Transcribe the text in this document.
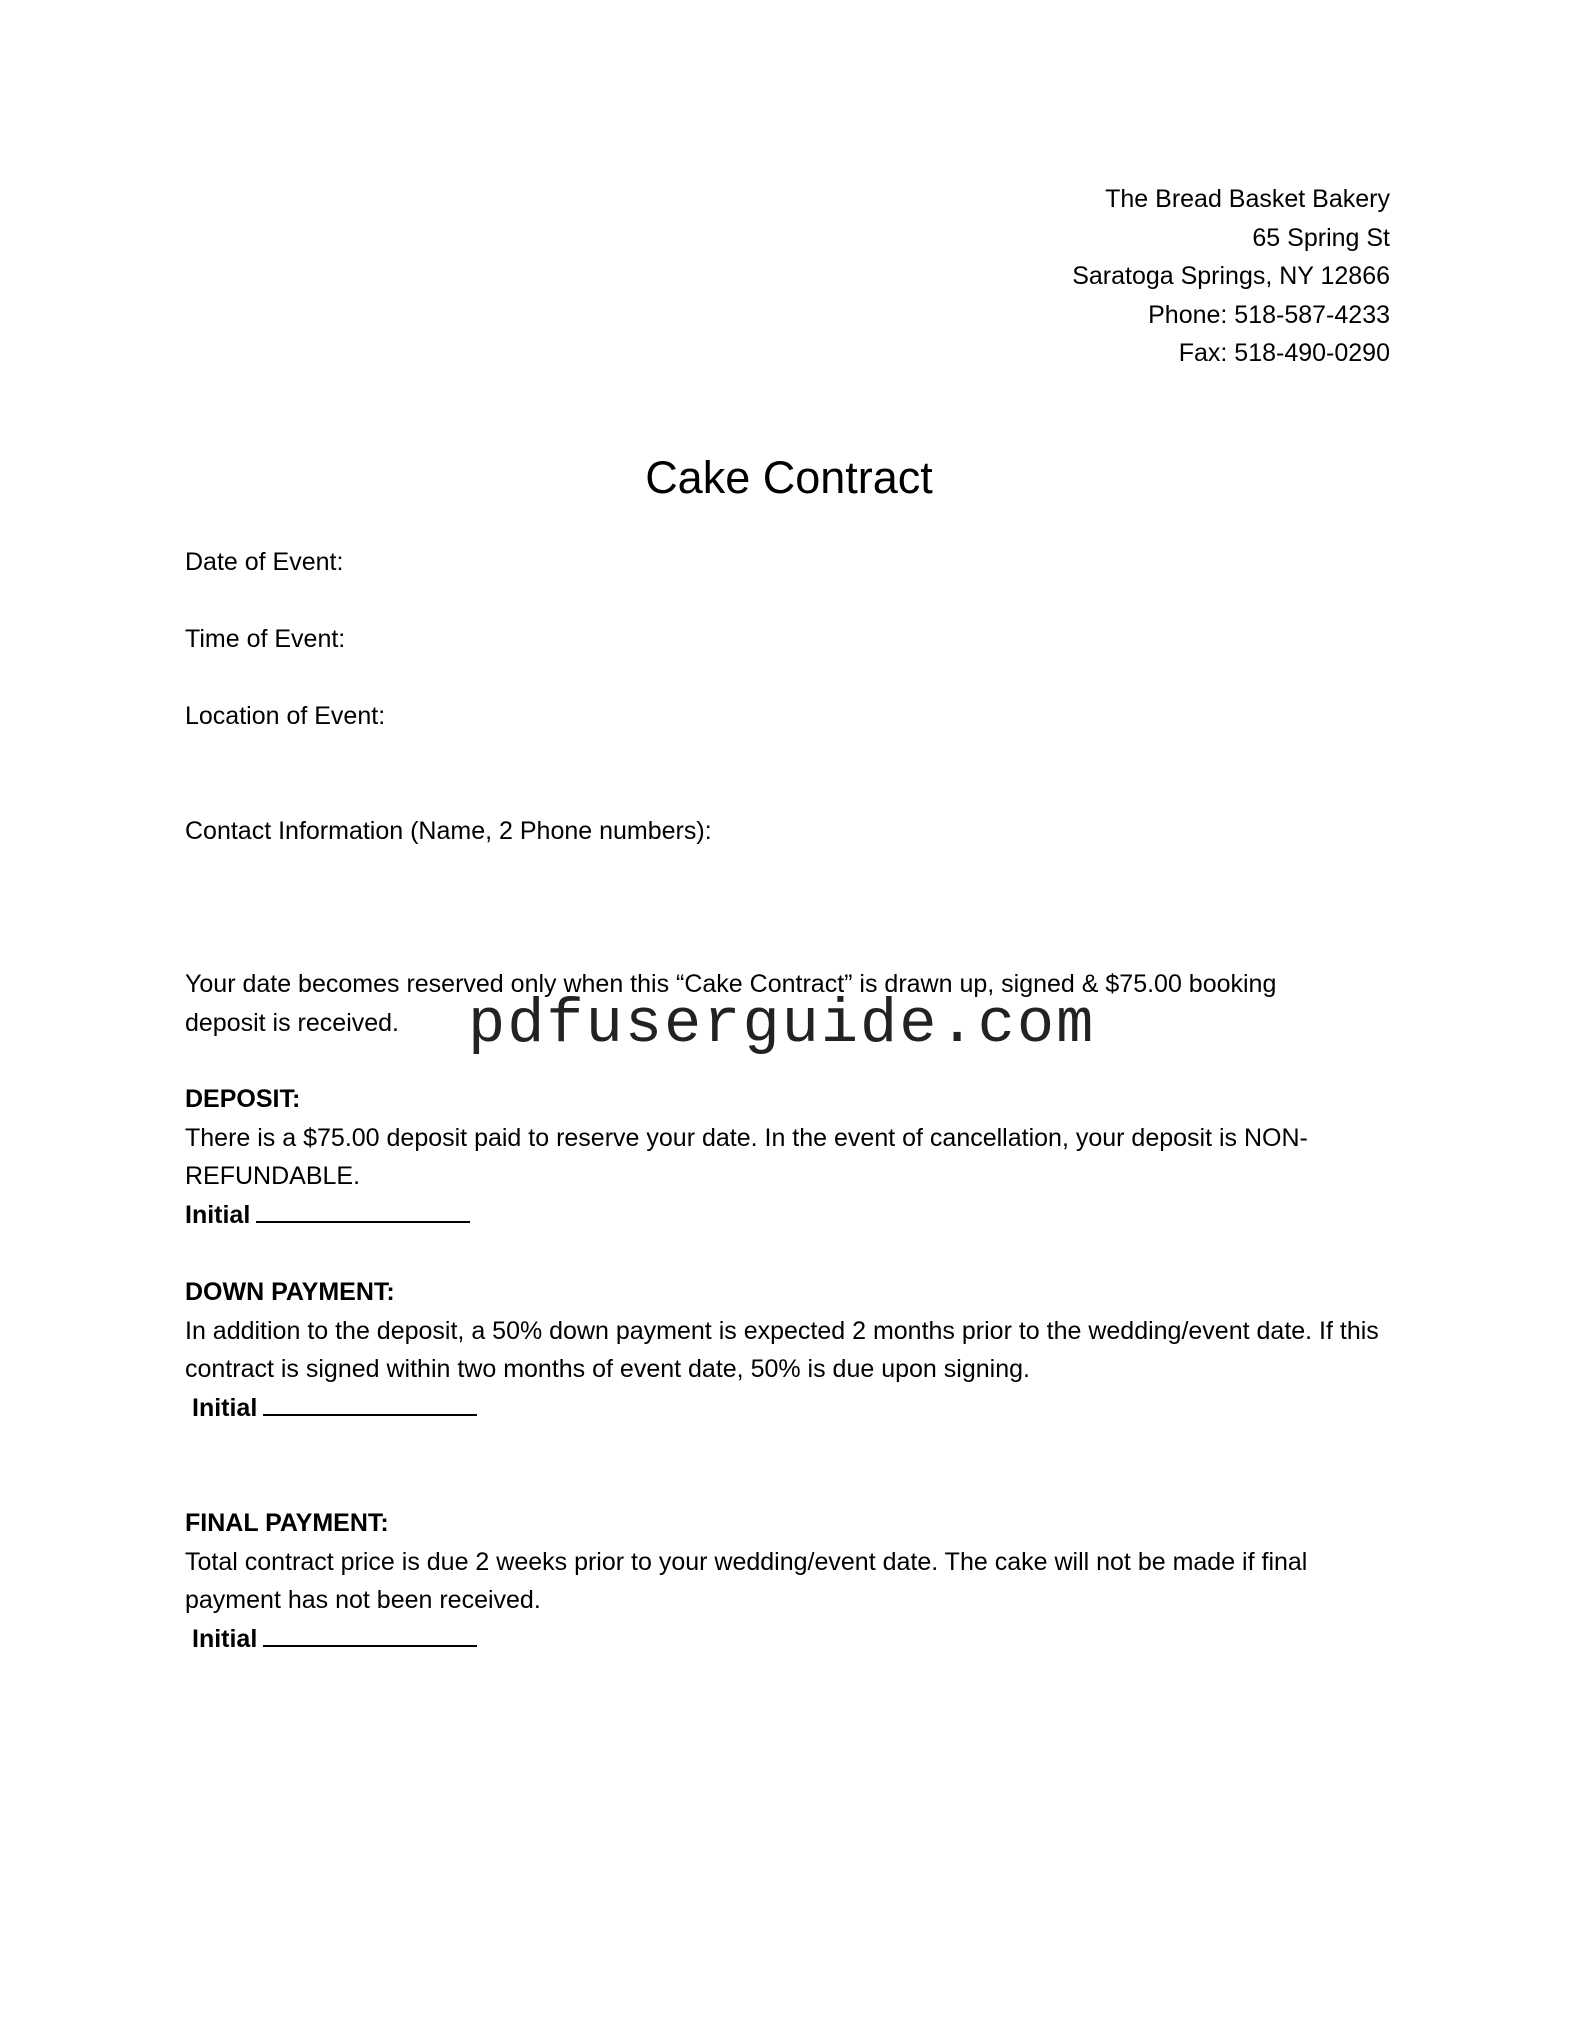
The Bread Basket Bakery
65 Spring St
Saratoga Springs, NY 12866
Phone: 518-587-4233
Fax: 518-490-0290
Cake Contract
Date of Event:
Time of Event:
Location of Event:
Contact Information (Name, 2 Phone numbers):

Your date becomes reserved only when this “Cake Contract” is drawn up, signed & $75.00 booking deposit is received.	pdfuserguide.com
DEPOSIT:
There is a $75.00 deposit paid to reserve your date. In the event of cancellation, your deposit is NON-REFUNDABLE.
Initial
DOWN PAYMENT:
In addition to the deposit, a 50% down payment is expected 2 months prior to the wedding/event date. If this contract is signed within two months of event date, 50% is due upon signing.
Initial
FINAL PAYMENT:
Total contract price is due 2 weeks prior to your wedding/event date. The cake will not be made if final payment has not been received.
Initial
